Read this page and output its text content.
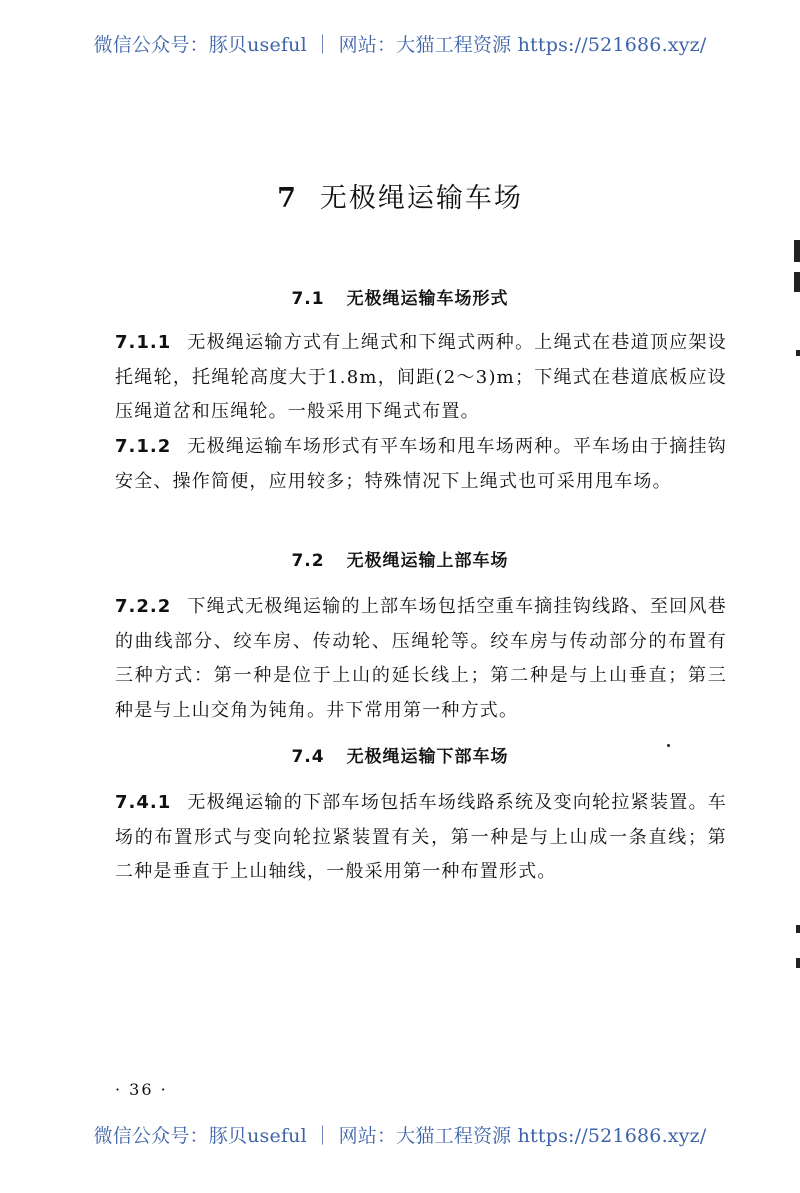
微信公众号：豚贝useful ｜ 网站：大猫工程资源 https://521686.xyz/
7 无极绳运输车场
7.1 无极绳运输车场形式
7.1.1 无极绳运输方式有上绳式和下绳式两种。上绳式在巷道顶应架设托绳轮，托绳轮高度大于1.8m，间距(2～3)m；下绳式在巷道底板应设压绳道岔和压绳轮。一般采用下绳式布置。
7.1.2 无极绳运输车场形式有平车场和甩车场两种。平车场由于摘挂钩安全、操作简便，应用较多；特殊情况下上绳式也可采用甩车场。
7.2 无极绳运输上部车场
7.2.2 下绳式无极绳运输的上部车场包括空重车摘挂钩线路、至回风巷的曲线部分、绞车房、传动轮、压绳轮等。绞车房与传动部分的布置有三种方式：第一种是位于上山的延长线上；第二种是与上山垂直；第三种是与上山交角为钝角。井下常用第一种方式。
7.4 无极绳运输下部车场
7.4.1 无极绳运输的下部车场包括车场线路系统及变向轮拉紧装置。车场的布置形式与变向轮拉紧装置有关，第一种是与上山成一条直线；第二种是垂直于上山轴线，一般采用第一种布置形式。
· 36 ·
微信公众号：豚贝useful ｜ 网站：大猫工程资源 https://521686.xyz/
